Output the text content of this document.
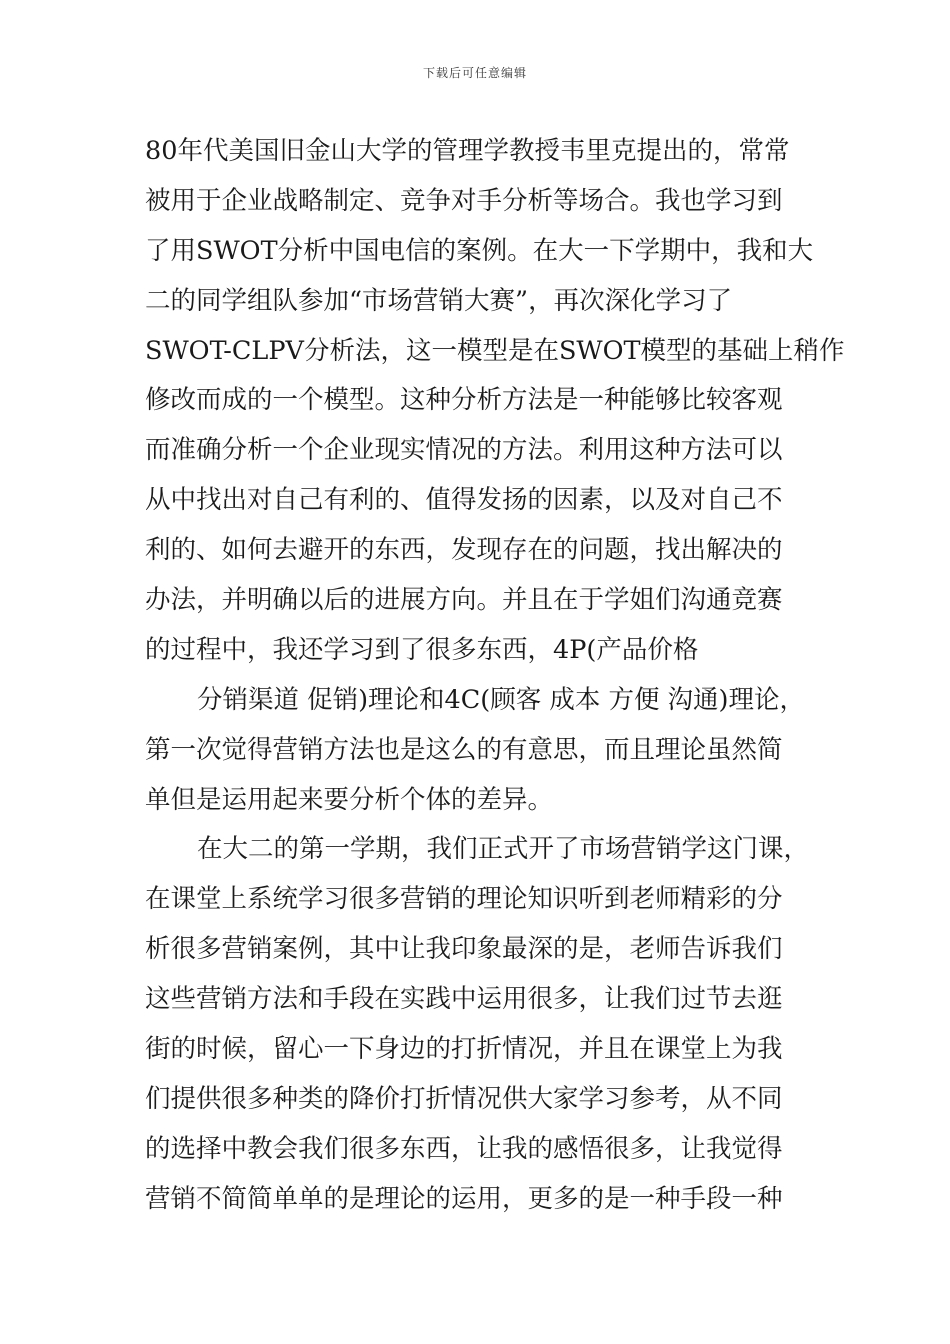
下载后可任意编辑
80年代美国旧金山大学的管理学教授韦里克提出的，常常
被用于企业战略制定、竞争对手分析等场合。我也学习到
了用SWOT分析中国电信的案例。在大一下学期中，我和大
二的同学组队参加“市场营销大赛”，再次深化学习了
SWOT-CLPV分析法，这一模型是在SWOT模型的基础上稍作
修改而成的一个模型。这种分析方法是一种能够比较客观
而准确分析一个企业现实情况的方法。利用这种方法可以
从中找出对自己有利的、值得发扬的因素，以及对自己不
利的、如何去避开的东西，发现存在的问题，找出解决的
办法，并明确以后的进展方向。并且在于学姐们沟通竞赛
的过程中，我还学习到了很多东西，4P(产品价格
分销渠道 促销)理论和4C(顾客 成本 方便 沟通)理论，
第一次觉得营销方法也是这么的有意思，而且理论虽然简
单但是运用起来要分析个体的差异。
在大二的第一学期，我们正式开了市场营销学这门课，
在课堂上系统学习很多营销的理论知识听到老师精彩的分
析很多营销案例，其中让我印象最深的是，老师告诉我们
这些营销方法和手段在实践中运用很多，让我们过节去逛
街的时候，留心一下身边的打折情况，并且在课堂上为我
们提供很多种类的降价打折情况供大家学习参考，从不同
的选择中教会我们很多东西，让我的感悟很多，让我觉得
营销不简简单单的是理论的运用，更多的是一种手段一种
